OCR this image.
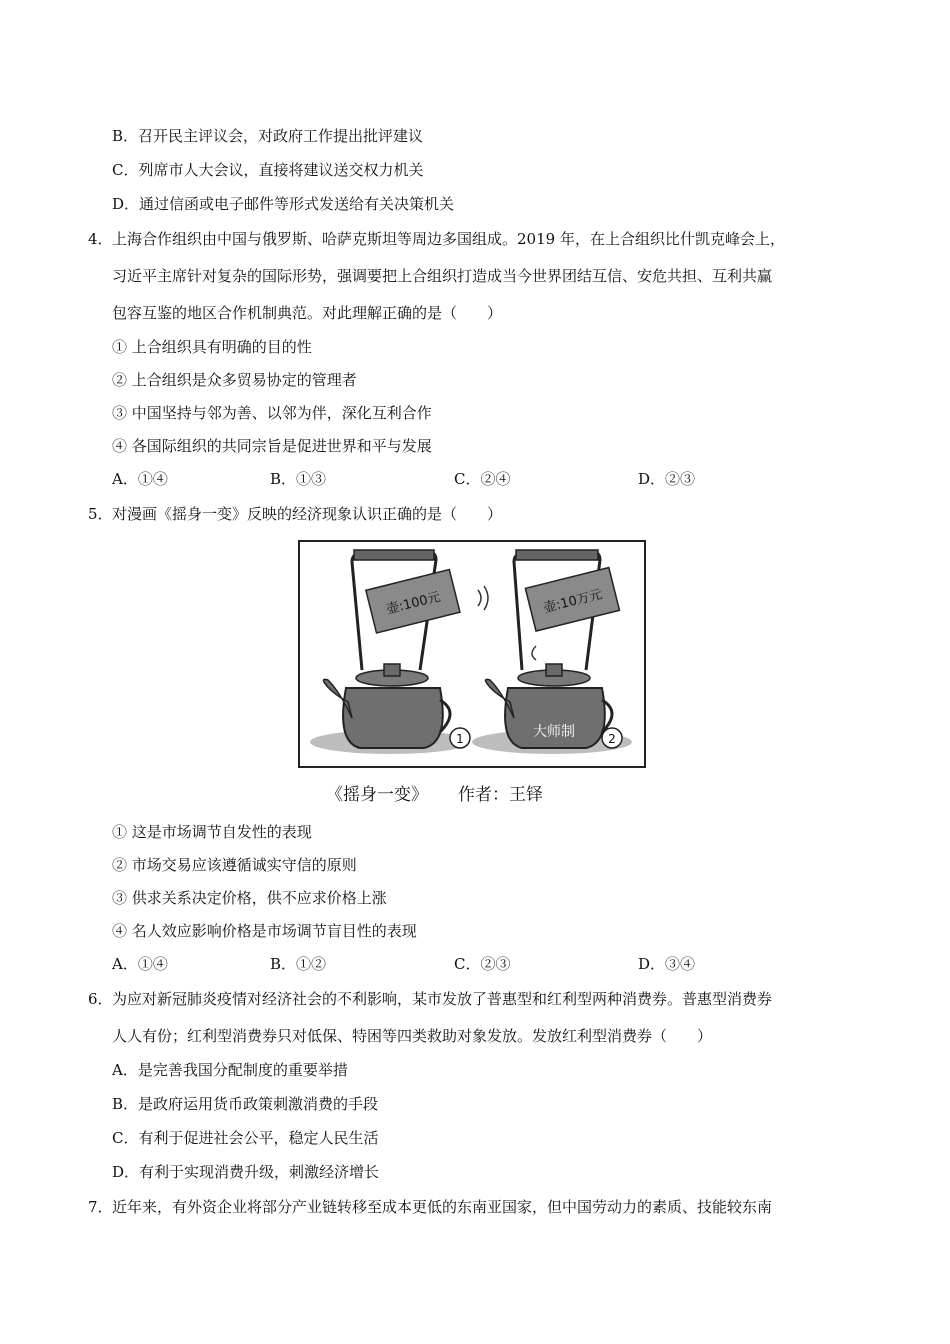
B．召开民主评议会，对政府工作提出批评建议
C．列席市人大会议，直接将建议送交权力机关
D．通过信函或电子邮件等形式发送给有关决策机关
4． 上海合作组织由中国与俄罗斯、哈萨克斯坦等周边多国组成。2019 年，在上合组织比什凯克峰会上，
习近平主席针对复杂的国际形势，强调要把上合组织打造成当今世界团结互信、安危共担、互利共赢
包容互鉴的地区合作机制典范。对此理解正确的是（　　）
① 上合组织具有明确的目的性
② 上合组织是众多贸易协定的管理者
③ 中国坚持与邻为善、以邻为伴，深化互利合作
④ 各国际组织的共同宗旨是促进世界和平与发展
A．①④	B．①③	C．②④	D．②③
5． 对漫画《摇身一变》反映的经济现象认识正确的是（　　）
壶:100元
大师制
壶:10万元
1	2
《摇身一变》 作者：王铎
① 这是市场调节自发性的表现
② 市场交易应该遵循诚实守信的原则
③ 供求关系决定价格，供不应求价格上涨
④ 名人效应影响价格是市场调节盲目性的表现
A．①④	B．①②	C．②③	D．③④
6． 为应对新冠肺炎疫情对经济社会的不利影响，某市发放了普惠型和红利型两种消费券。普惠型消费券
人人有份；红利型消费券只对低保、特困等四类救助对象发放。发放红利型消费券（　　）
A．是完善我国分配制度的重要举措
B．是政府运用货币政策刺激消费的手段
C．有利于促进社会公平，稳定人民生活
D．有利于实现消费升级，刺激经济增长
7． 近年来，有外资企业将部分产业链转移至成本更低的东南亚国家，但中国劳动力的素质、技能较东南
